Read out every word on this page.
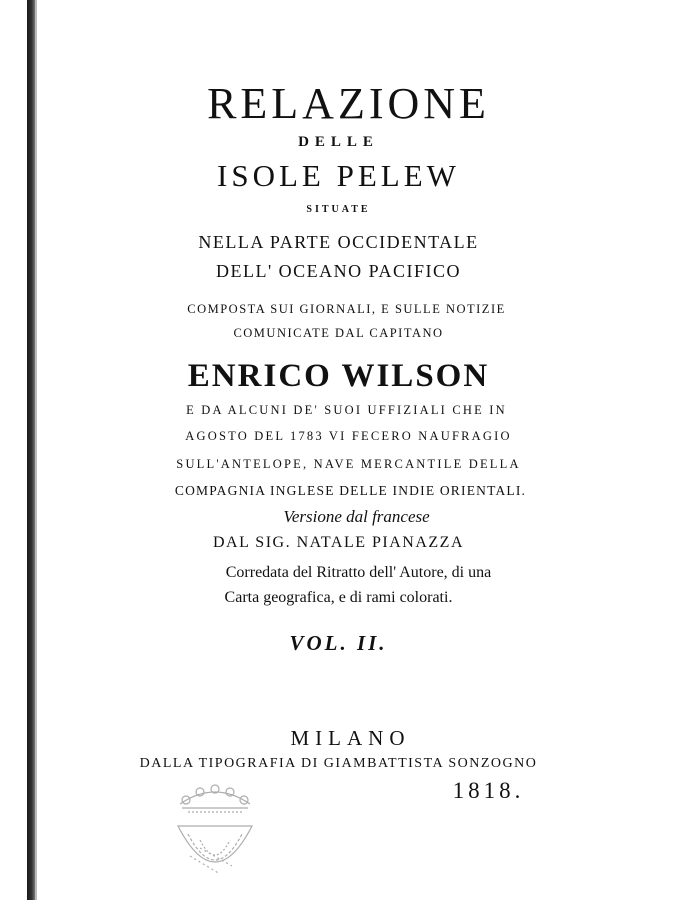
RELAZIONE
DELLE
ISOLE PELEW
SITUATE
NELLA PARTE OCCIDENTALE
DELL' OCEANO PACIFICO
COMPOSTA SUI GIORNALI, E SULLE NOTIZIE
COMUNICATE DAL CAPITANO
ENRICO WILSON
E DA ALCUNI DE' SUOI UFFIZIALI CHE IN
AGOSTO DEL 1783 VI FECERO NAUFRAGIO
SULL'ANTELOPE, NAVE MERCANTILE DELLA
COMPAGNIA INGLESE DELLE INDIE ORIENTALI.
Versione dal francese
DAL SIG. NATALE PIANAZZA
Corredata del Ritratto dell' Autore, di una
Carta geografica, e di rami colorati.
VOL. II.
MILANO
DALLA TIPOGRAFIA DI GIAMBATTISTA SONZOGNO
1818.
